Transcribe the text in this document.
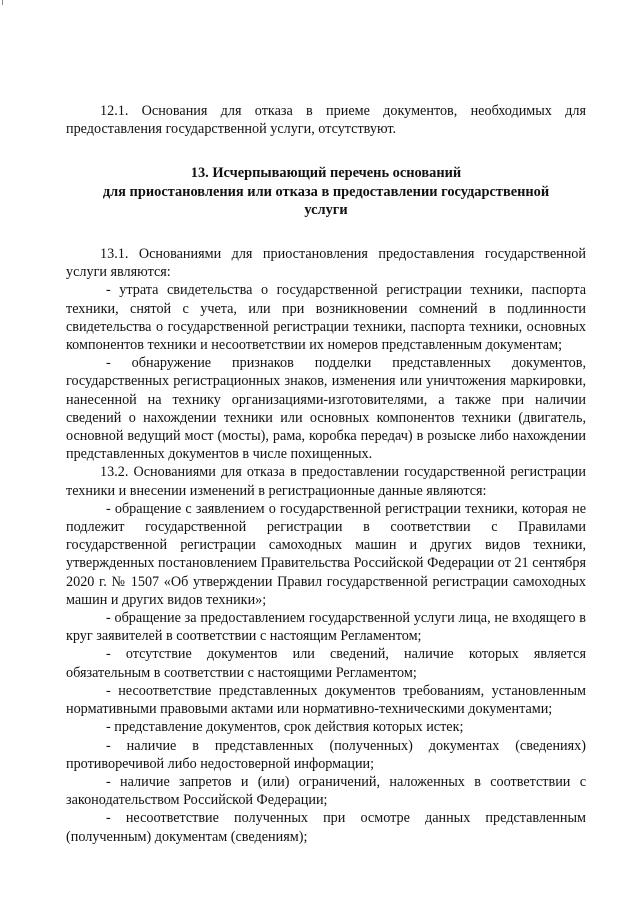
12.1. Основания для отказа в приеме документов, необходимых для предоставления государственной услуги, отсутствуют.

13. Исчерпывающий перечень оснований
для приостановления или отказа в предоставлении государственной
услуги

13.1. Основаниями для приостановления предоставления государственной услуги являются:

- утрата свидетельства о государственной регистрации техники, паспорта техники, снятой с учета, или при возникновении сомнений в подлинности свидетельства о государственной регистрации техники, паспорта техники, основных компонентов техники и несоответствии их номеров представленным документам;

- обнаружение признаков подделки представленных документов, государственных регистрационных знаков, изменения или уничтожения маркировки, нанесенной на технику организациями-изготовителями, а также при наличии сведений о нахождении техники или основных компонентов техники (двигатель, основной ведущий мост (мосты), рама, коробка передач) в розыске либо нахождении представленных документов в числе похищенных.

13.2. Основаниями для отказа в предоставлении государственной регистрации техники и внесении изменений в регистрационные данные являются:

- обращение с заявлением о государственной регистрации техники, которая не подлежит государственной регистрации в соответствии с Правилами государственной регистрации самоходных машин и других видов техники, утвержденных постановлением Правительства Российской Федерации от 21 сентября 2020 г. № 1507 «Об утверждении Правил государственной регистрации самоходных машин и других видов техники»;

- обращение за предоставлением государственной услуги лица, не входящего в круг заявителей в соответствии с настоящим Регламентом;

- отсутствие документов или сведений, наличие которых является обязательным в соответствии с настоящими Регламентом;

- несоответствие представленных документов требованиям, установленным нормативными правовыми актами или нормативно-техническими документами;

- представление документов, срок действия которых истек;

- наличие в представленных (полученных) документах (сведениях) противоречивой либо недостоверной информации;

- наличие запретов и (или) ограничений, наложенных в соответствии с законодательством Российской Федерации;

- несоответствие полученных при осмотре данных представленным (полученным) документам (сведениям);
